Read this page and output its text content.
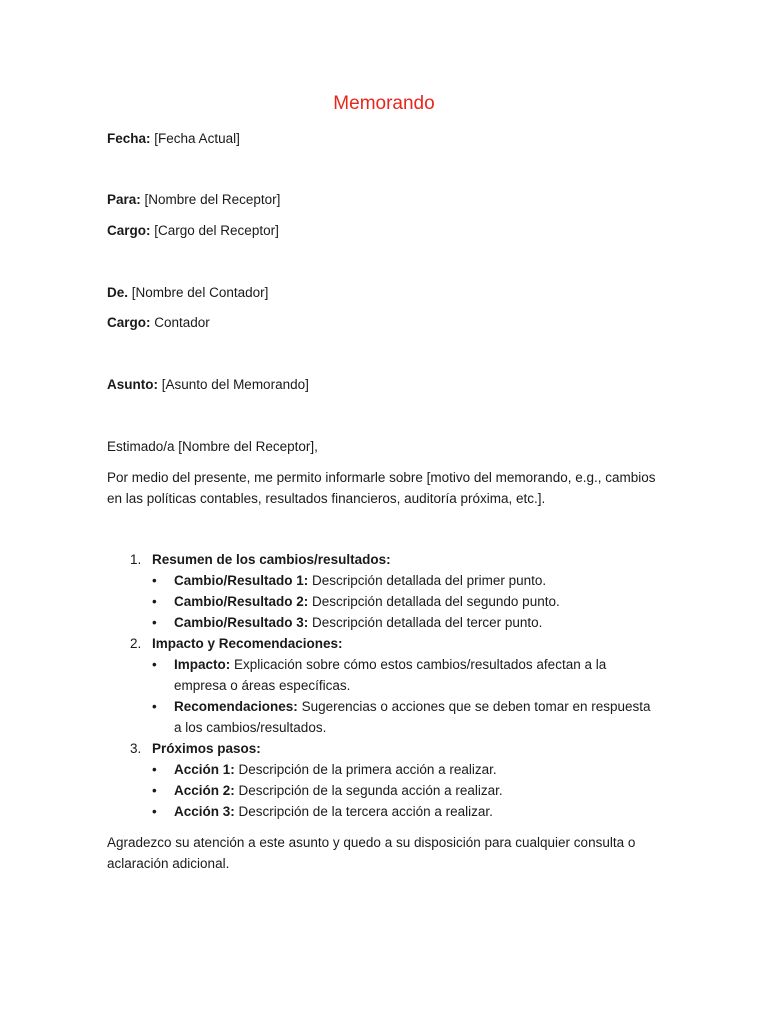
Memorando
Fecha: [Fecha Actual]
Para: [Nombre del Receptor]
Cargo: [Cargo del Receptor]
De. [Nombre del Contador]
Cargo: Contador
Asunto: [Asunto del Memorando]
Estimado/a [Nombre del Receptor],
Por medio del presente, me permito informarle sobre [motivo del memorando, e.g., cambios en las políticas contables, resultados financieros, auditoría próxima, etc.].
1. Resumen de los cambios/resultados:
• Cambio/Resultado 1: Descripción detallada del primer punto.
• Cambio/Resultado 2: Descripción detallada del segundo punto.
• Cambio/Resultado 3: Descripción detallada del tercer punto.
2. Impacto y Recomendaciones:
• Impacto: Explicación sobre cómo estos cambios/resultados afectan a la empresa o áreas específicas.
• Recomendaciones: Sugerencias o acciones que se deben tomar en respuesta a los cambios/resultados.
3. Próximos pasos:
• Acción 1: Descripción de la primera acción a realizar.
• Acción 2: Descripción de la segunda acción a realizar.
• Acción 3: Descripción de la tercera acción a realizar.
Agradezco su atención a este asunto y quedo a su disposición para cualquier consulta o aclaración adicional.
